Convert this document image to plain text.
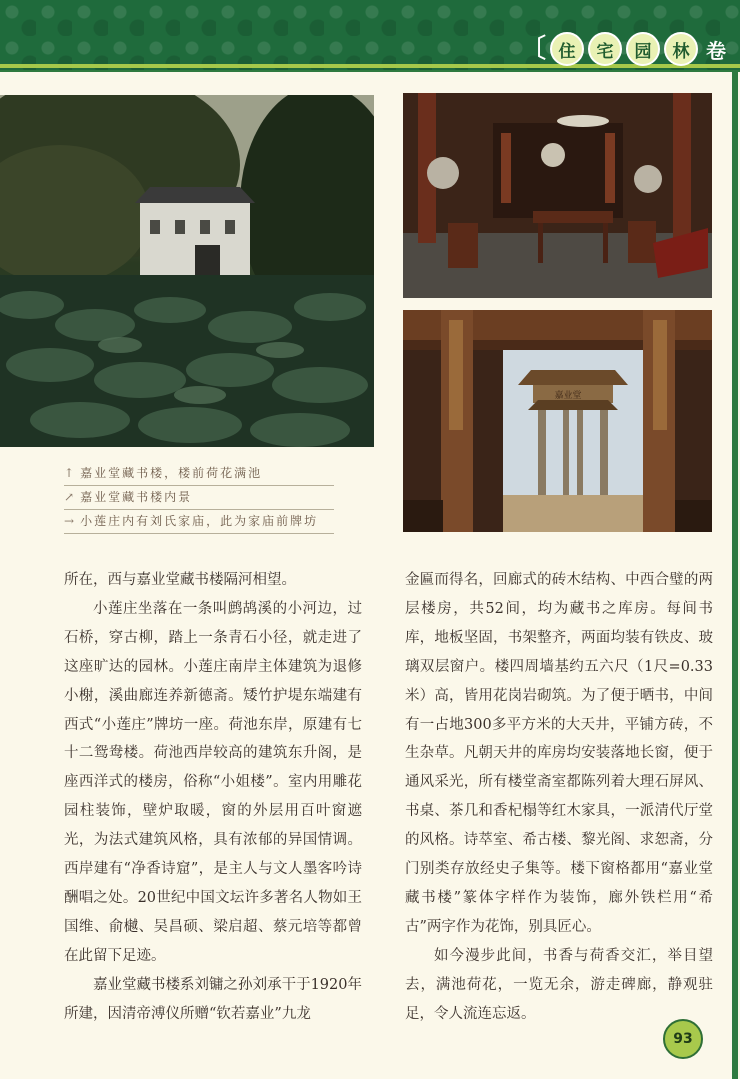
〔 住	宅	园	林 卷
嘉业堂
↑ 嘉业堂藏书楼，楼前荷花满池
↗ 嘉业堂藏书楼内景
→ 小莲庄内有刘氏家庙，此为家庙前牌坊

所在，西与嘉业堂藏书楼隔河相望。

小莲庄坐落在一条叫鹧鸪溪的小河边，过石桥，穿古柳，踏上一条青石小径，就走进了这座旷达的园林。小莲庄南岸主体建筑为退修小榭，溪曲廊连养新德斋。矮竹护堤东端建有西式“小莲庄”牌坊一座。荷池东岸，原建有七十二鸳鸯楼。荷池西岸较高的建筑东升阁，是座西洋式的楼房，俗称“小姐楼”。室内用雕花园柱装饰，壁炉取暖，窗的外层用百叶窗遮光，为法式建筑风格，具有浓郁的异国情调。西岸建有“净香诗窟”，是主人与文人墨客吟诗酬唱之处。20世纪中国文坛许多著名人物如王国维、俞樾、吴昌硕、梁启超、蔡元培等都曾在此留下足迹。

嘉业堂藏书楼系刘镛之孙刘承干于1920年所建，因清帝溥仪所赠“钦若嘉业”九龙

金匾而得名，回廊式的砖木结构、中西合璧的两层楼房，共52间，均为藏书之库房。每间书库，地板坚固，书架整齐，两面均装有铁皮、玻璃双层窗户。楼四周墙基约五六尺（1尺=0.33米）高，皆用花岗岩砌筑。为了便于晒书，中间有一占地300多平方米的大天井，平铺方砖，不生杂草。凡朝天井的库房均安装落地长窗，便于通风采光，所有楼堂斋室都陈列着大理石屏风、书桌、茶几和香杞榻等红木家具，一派清代厅堂的风格。诗萃室、希古楼、黎光阁、求恕斋，分门别类存放经史子集等。楼下窗格都用“嘉业堂藏书楼”篆体字样作为装饰，廊外铁栏用“希古”两字作为花饰，别具匠心。

如今漫步此间，书香与荷香交汇，举目望去，满池荷花，一览无余，游走碑廊，静观驻足，令人流连忘返。

93
